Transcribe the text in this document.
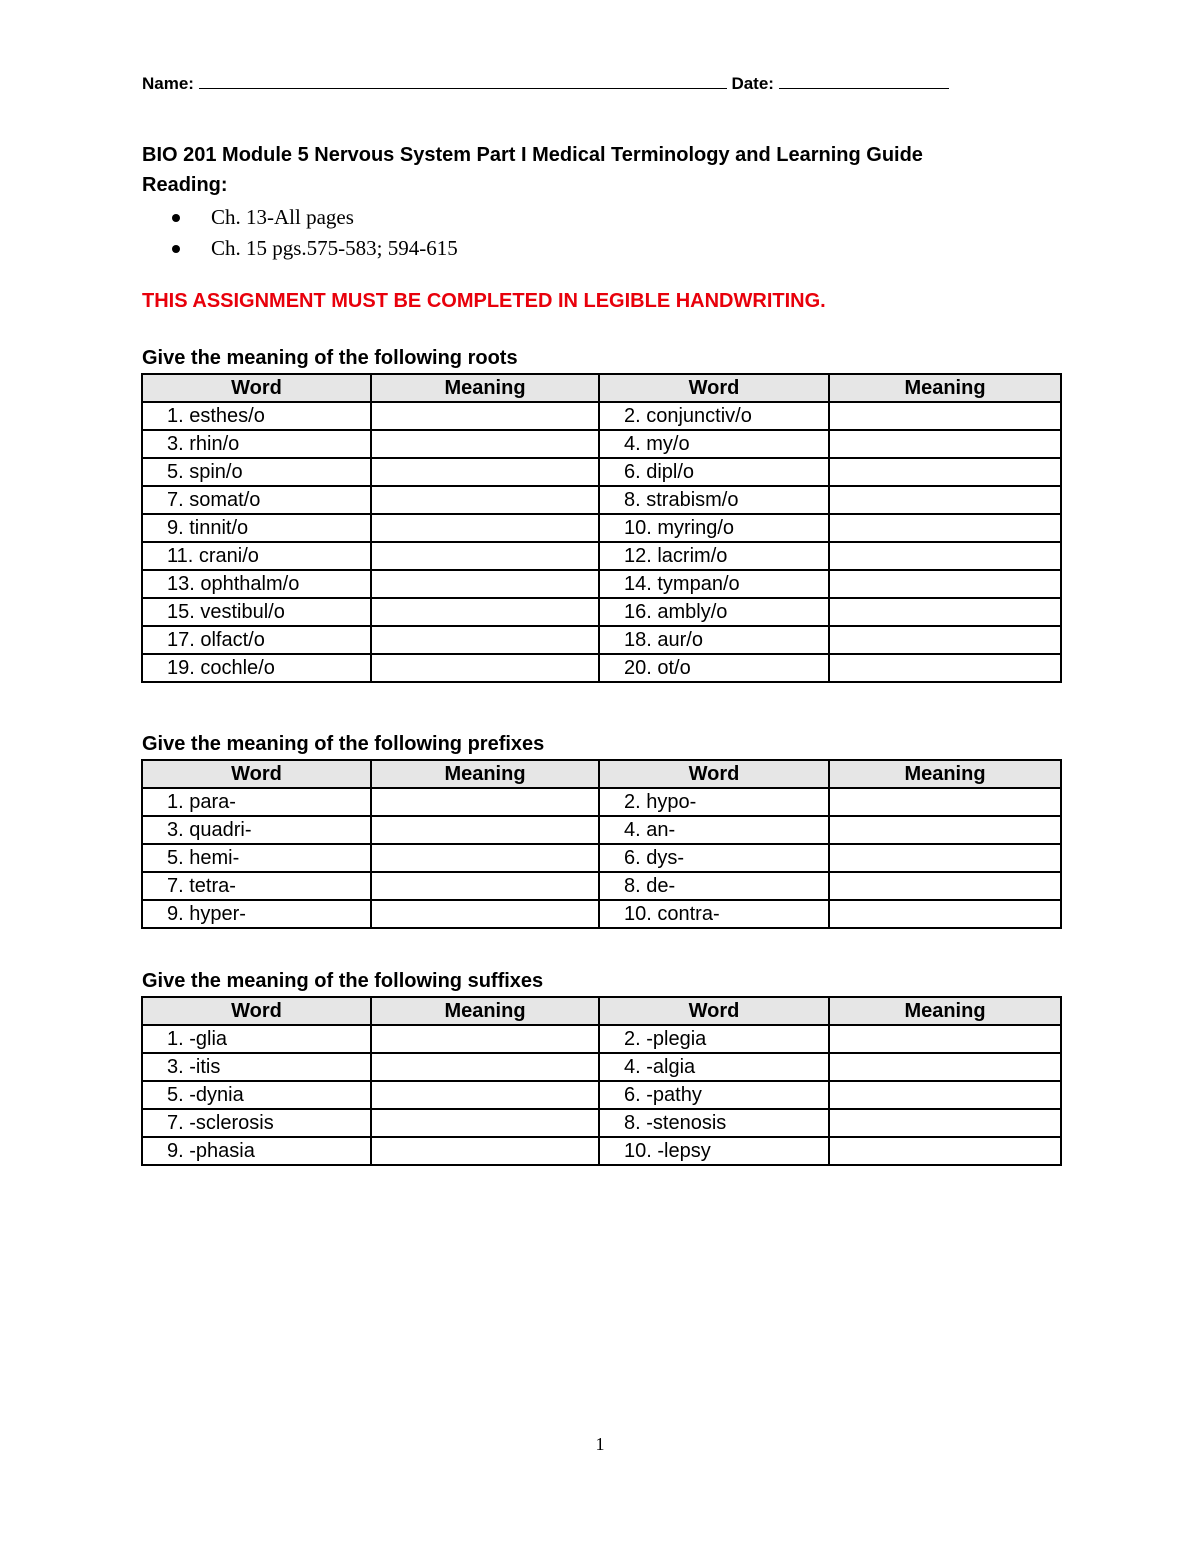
Name:	Date:
BIO 201 Module 5 Nervous System Part I Medical Terminology and Learning Guide
Reading:
Ch. 13-All pages
Ch. 15 pgs.575-583; 594-615
THIS ASSIGNMENT MUST BE COMPLETED IN LEGIBLE HANDWRITING.
Give the meaning of the following roots
Word	Meaning	Word	Meaning
1. esthes/o		2. conjunctiv/o	
3. rhin/o		4. my/o	
5. spin/o		6. dipl/o	
7. somat/o		8. strabism/o	
9. tinnit/o		10. myring/o	
11. crani/o		12. lacrim/o	
13. ophthalm/o		14. tympan/o	
15. vestibul/o		16. ambly/o	
17. olfact/o		18. aur/o	
19. cochle/o		20. ot/o	
Give the meaning of the following prefixes
Word	Meaning	Word	Meaning
1. para-		2. hypo-	
3. quadri-		4. an-	
5. hemi-		6. dys-	
7. tetra-		8. de-	
9. hyper-		10. contra-	
Give the meaning of the following suffixes
Word	Meaning	Word	Meaning
1. -glia		2. -plegia	
3. -itis		4. -algia	
5. -dynia		6. -pathy	
7. -sclerosis		8. -stenosis	
9. -phasia		10. -lepsy	
1
